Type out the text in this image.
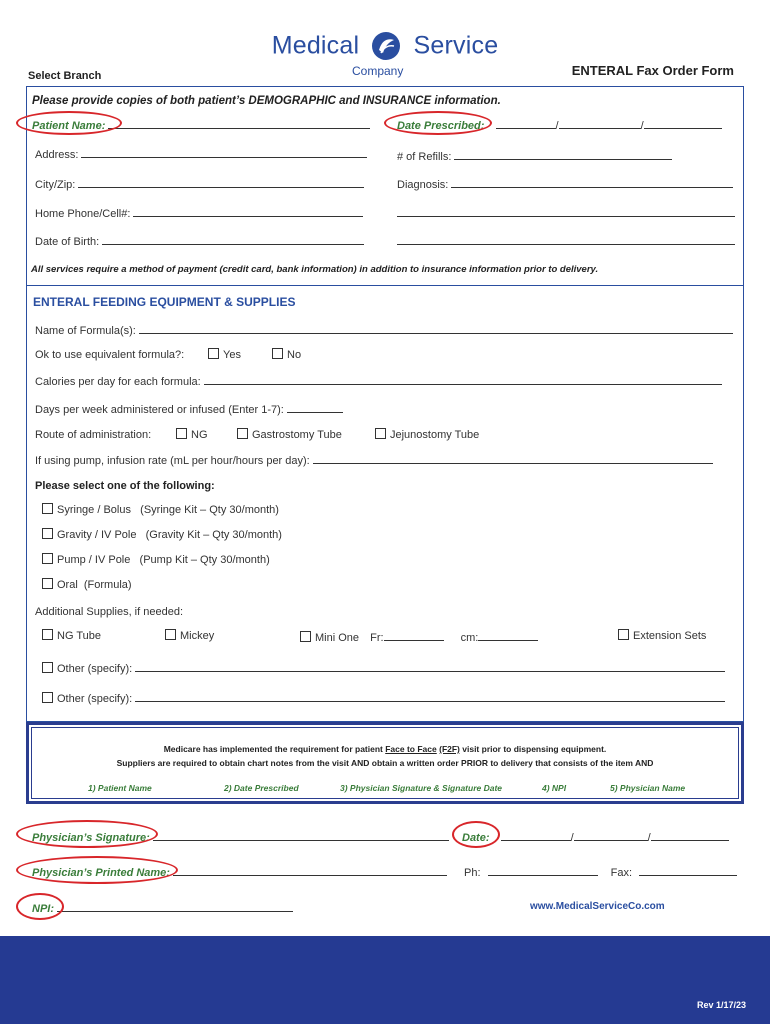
Medical Service
Company
Select Branch	ENTERAL Fax Order Form
Please provide copies of both patient’s DEMOGRAPHIC and INSURANCE information.
Patient Name:	Date Prescribed:	/	/
Address:	# of Refills:
City/Zip:	Diagnosis:
Home Phone/Cell#:
Date of Birth:
All services require a method of payment (credit card, bank information) in addition to insurance information prior to delivery.
ENTERAL FEEDING EQUIPMENT & SUPPLIES
Name of Formula(s):
Ok to use equivalent formula?:	Yes	No
Calories per day for each formula:
Days per week administered or infused (Enter 1-7):
Route of administration:	NG	Gastrostomy Tube	Jejunostomy Tube
If using pump, infusion rate (mL per hour/hours per day):
Please select one of the following:
Syringe / Bolus   (Syringe Kit – Qty 30/month)
Gravity / IV Pole   (Gravity Kit – Qty 30/month)
Pump / IV Pole   (Pump Kit – Qty 30/month)
Oral  (Formula)
Additional Supplies, if needed:
NG Tube	Mickey	Mini One Fr:	cm:	Extension Sets
Other (specify):
Other (specify):
Medicare has implemented the requirement for patient Face to Face (F2F) visit prior to dispensing equipment.
Suppliers are required to obtain chart notes from the visit AND obtain a written order PRIOR to delivery that consists of the item AND
1) Patient Name	2) Date Prescribed	3) Physician Signature & Signature Date	4) NPI	5) Physician Name
Physician’s Signature:	Date:	/	/
Physician’s Printed Name:	Ph:	Fax:
NPI:	www.MedicalServiceCo.com
Rev 1/17/23
